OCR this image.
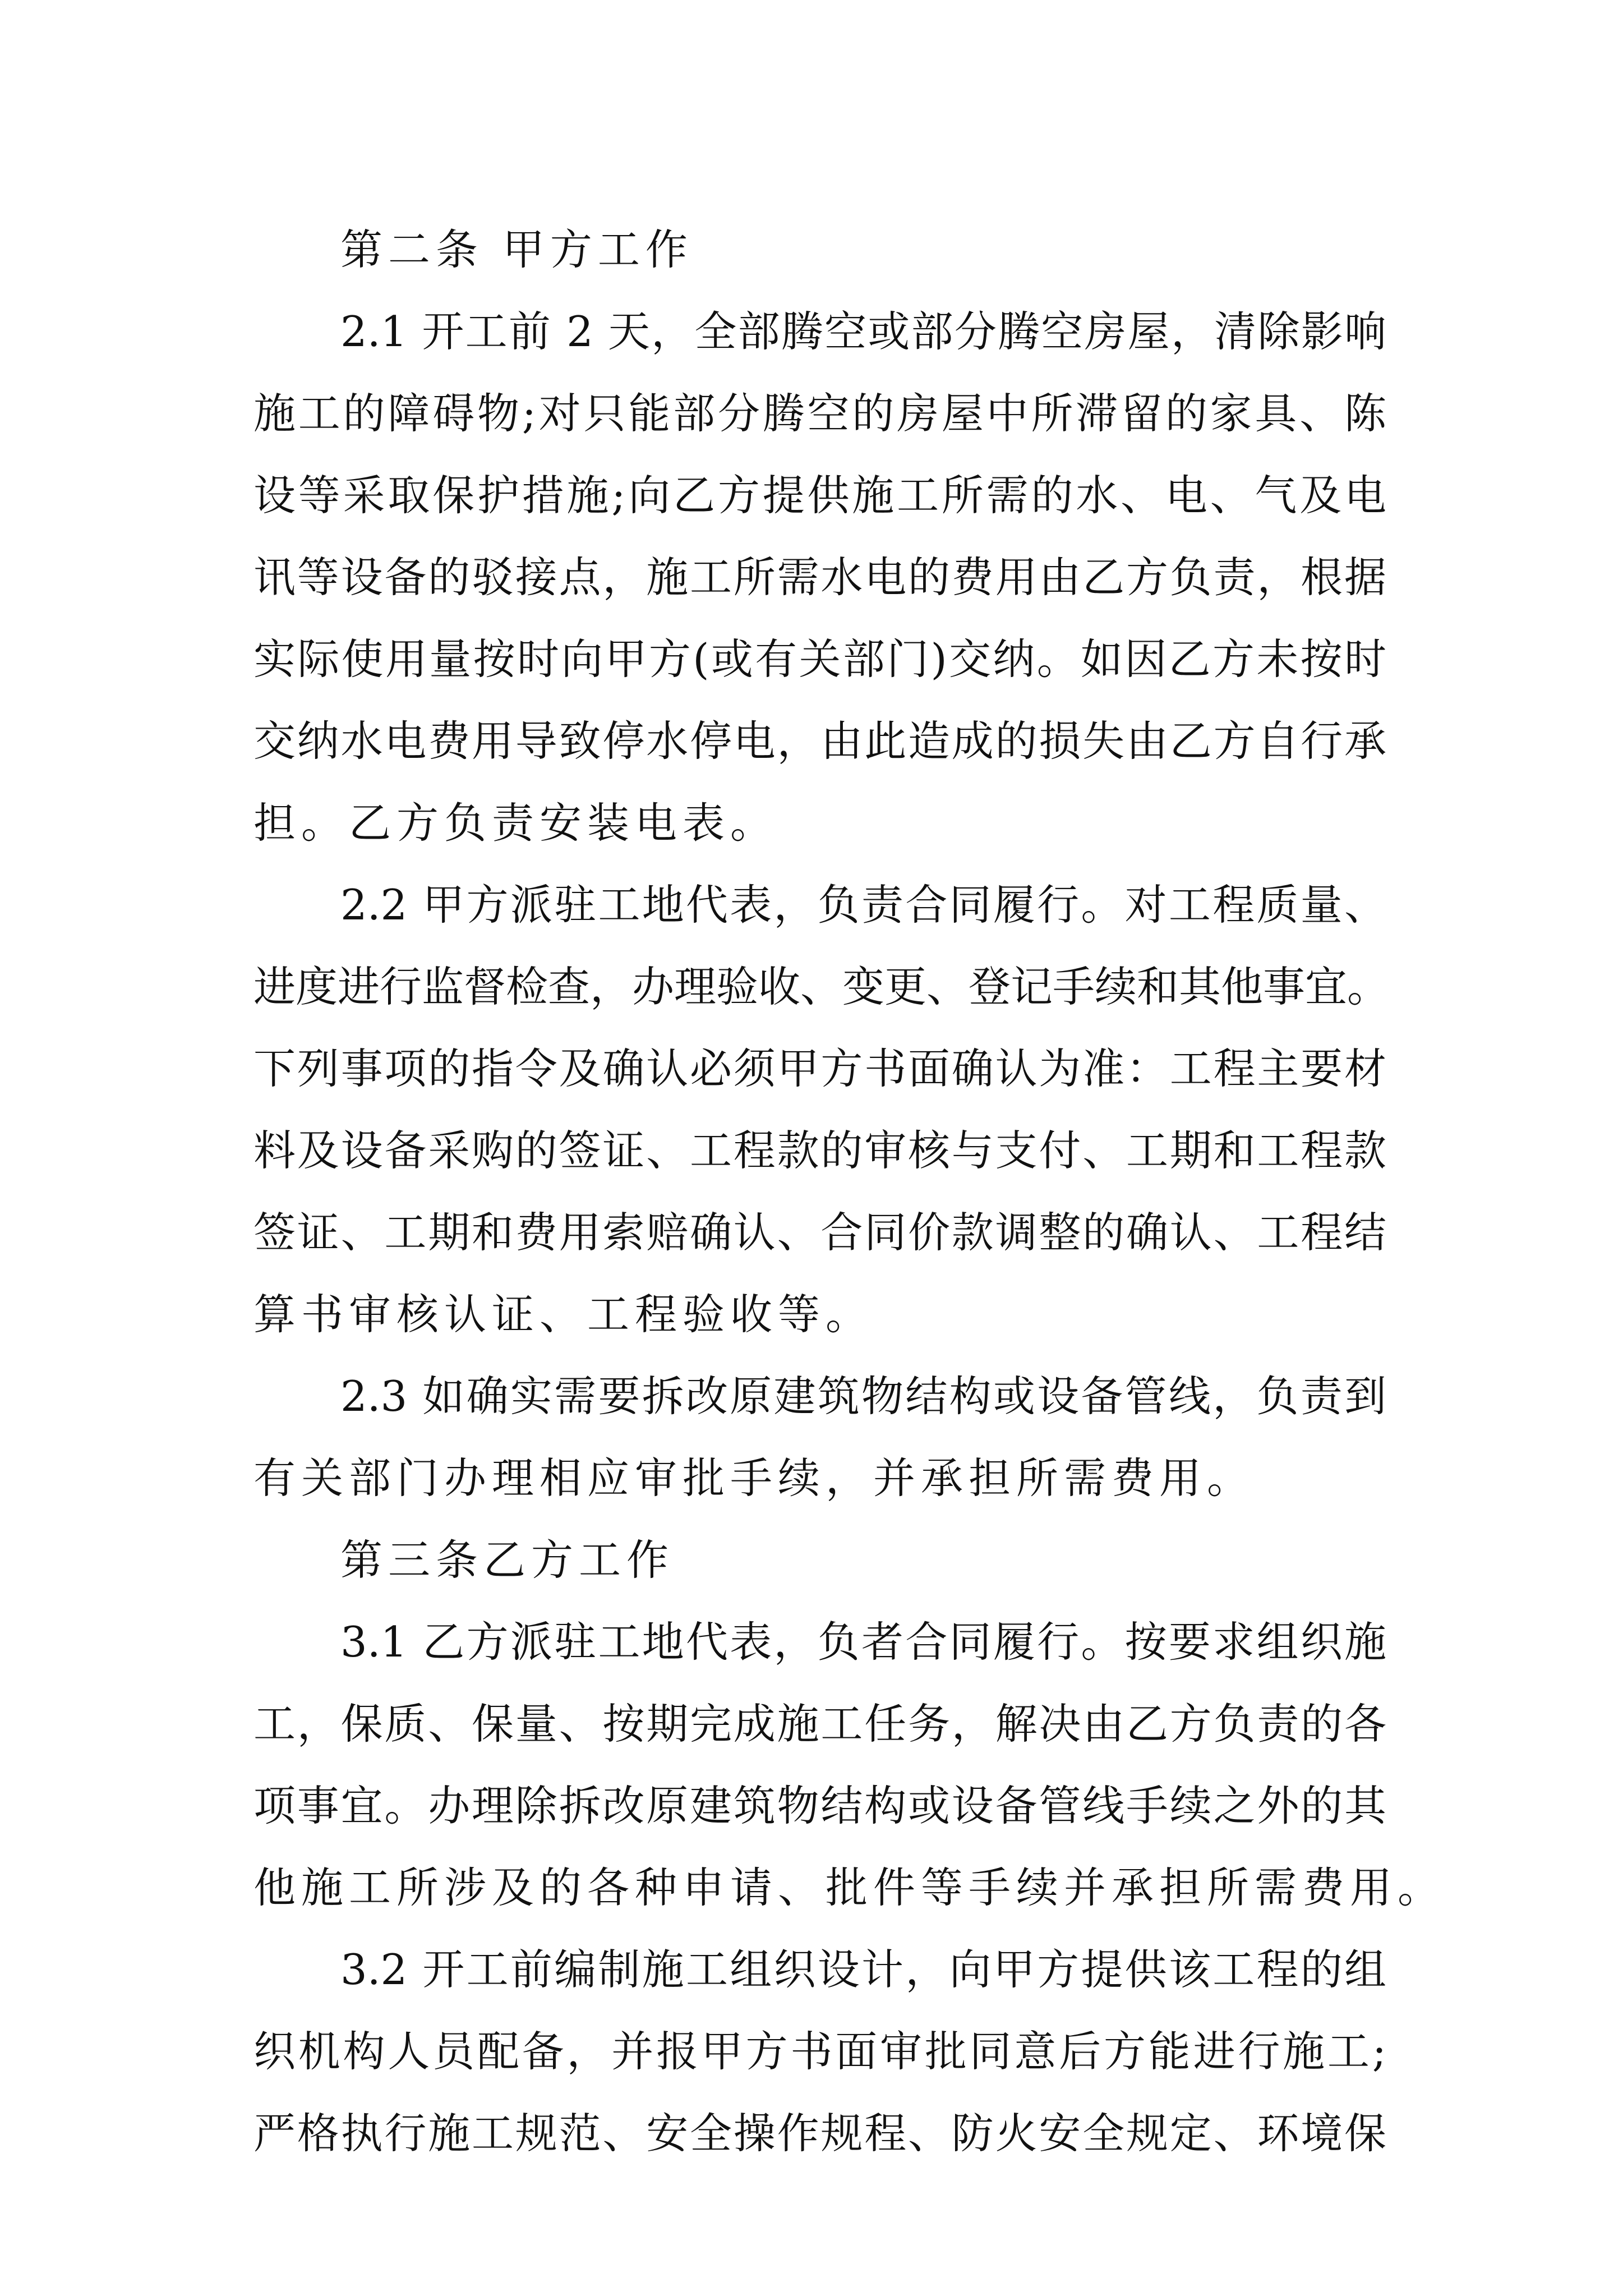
第二条 甲方工作
2.1 开工前 2 天，全部腾空或部分腾空房屋，清除影响
施工的障碍物;对只能部分腾空的房屋中所滞留的家具、陈
设等采取保护措施;向乙方提供施工所需的水、电、气及电
讯等设备的驳接点，施工所需水电的费用由乙方负责，根据
实际使用量按时向甲方(或有关部门)交纳。如因乙方未按时
交纳水电费用导致停水停电，由此造成的损失由乙方自行承
担。乙方负责安装电表。
2.2 甲方派驻工地代表，负责合同履行。对工程质量、
进度进行监督检查，办理验收、变更、登记手续和其他事宜。
下列事项的指令及确认必须甲方书面确认为准：工程主要材
料及设备采购的签证、工程款的审核与支付、工期和工程款
签证、工期和费用索赔确认、合同价款调整的确认、工程结
算书审核认证、工程验收等。
2.3 如确实需要拆改原建筑物结构或设备管线，负责到
有关部门办理相应审批手续，并承担所需费用。
第三条乙方工作
3.1 乙方派驻工地代表，负者合同履行。按要求组织施
工，保质、保量、按期完成施工任务，解决由乙方负责的各
项事宜。办理除拆改原建筑物结构或设备管线手续之外的其
他施工所涉及的各种申请、批件等手续并承担所需费用。
3.2 开工前编制施工组织设计，向甲方提供该工程的组
织机构人员配备，并报甲方书面审批同意后方能进行施工;
严格执行施工规范、安全操作规程、防火安全规定、环境保
